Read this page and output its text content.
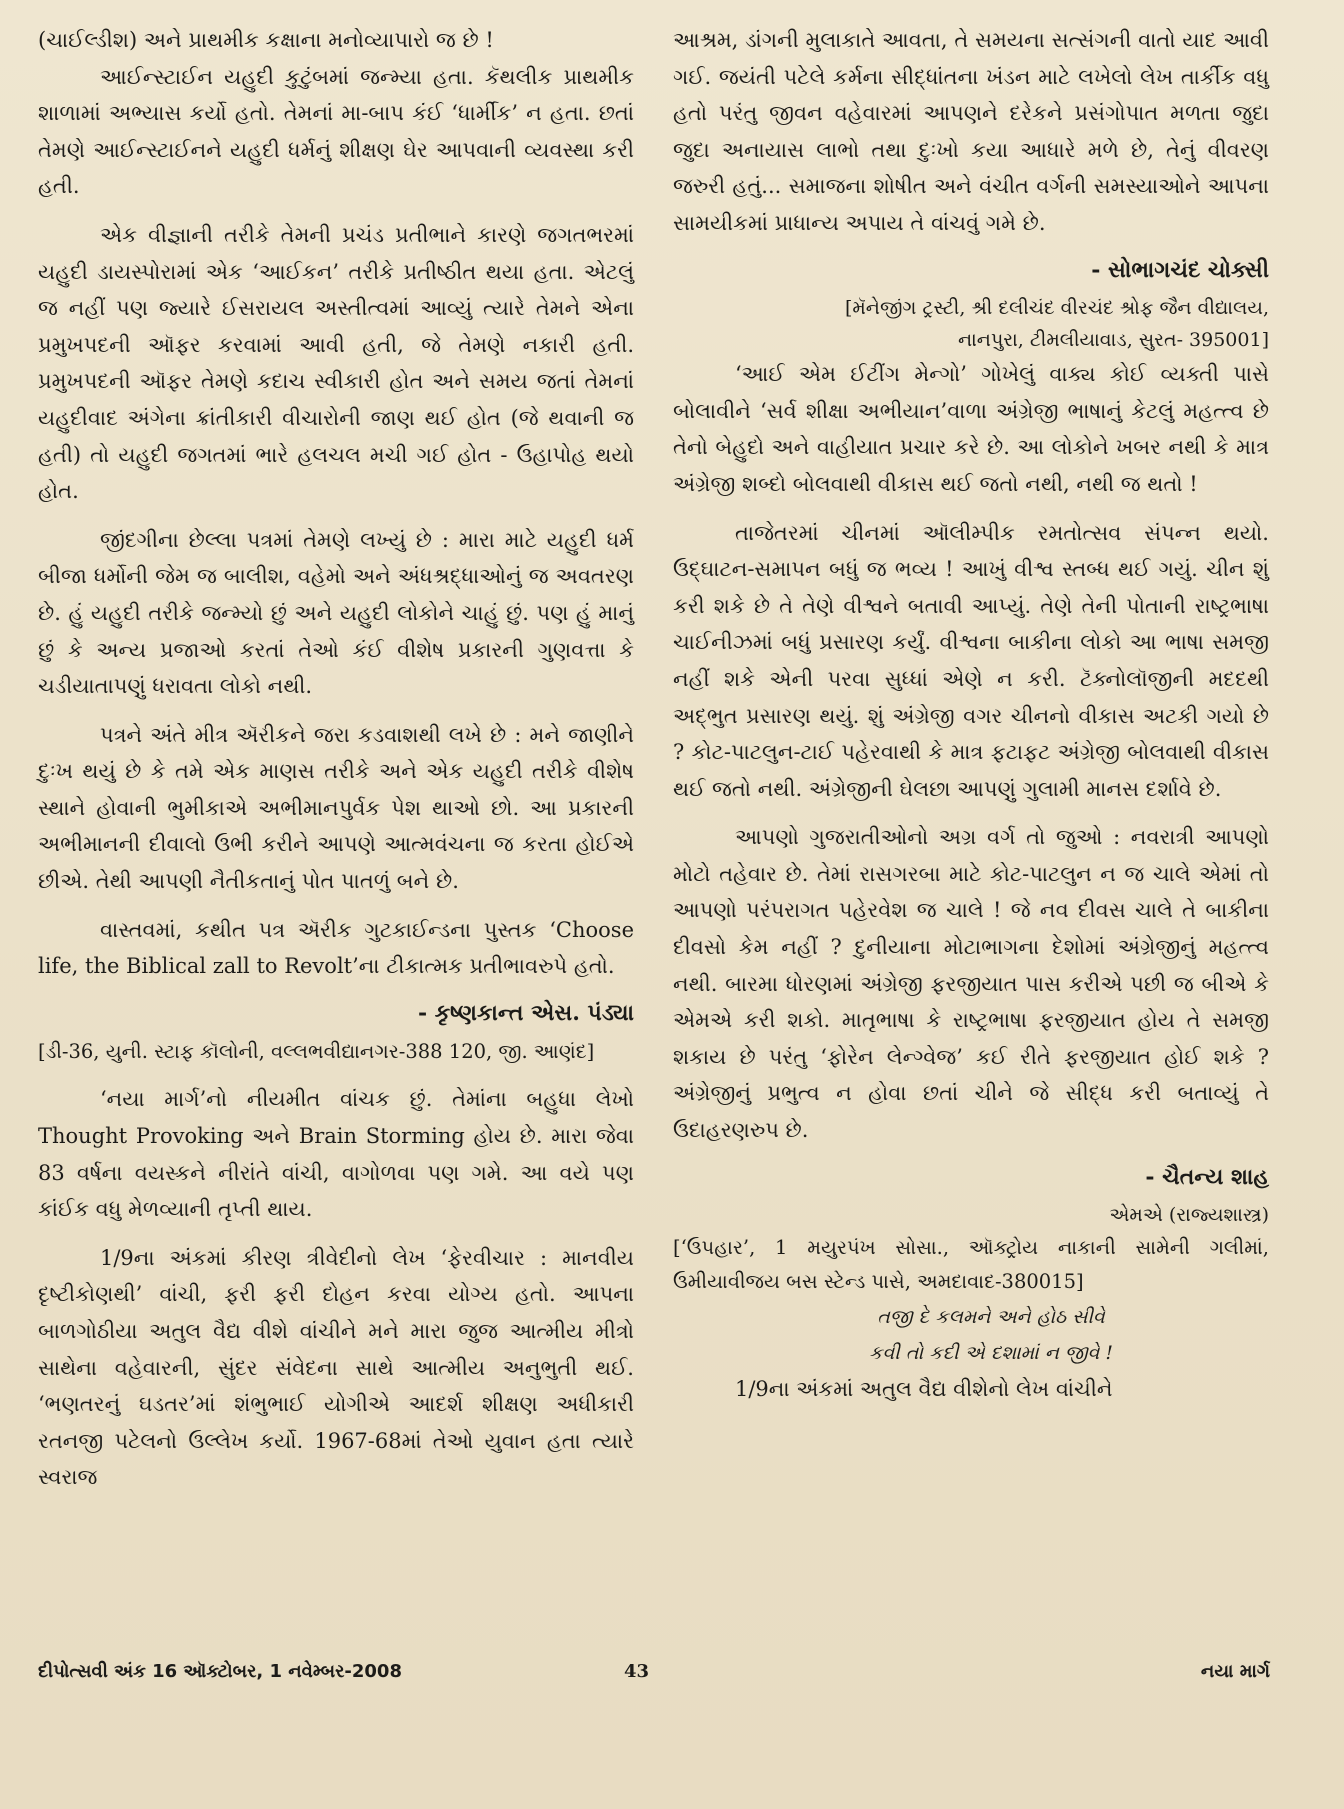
(ચાઈલ્ડીશ) અને પ્રાથમીક કક્ષાના મનોવ્યાપારો જ છે !

આઈન્સ્ટાઈન યહુદી કુટુંબમાં જન્મ્યા હતા. કૅથલીક પ્રાથમીક શાળામાં અભ્યાસ કર્યો હતો. તેમનાં મા-બાપ કંઈ ‘ધાર્મીક’ ન હતા. છતાં તેમણે આઈન્સ્ટાઈનને યહુદી ધર્મનું શીક્ષણ ઘેર આપવાની વ્યવસ્થા કરી હતી.

એક વીજ્ઞાની તરીકે તેમની પ્રચંડ પ્રતીભાને કારણે જગતભરમાં યહુદી ડાયસ્પોરામાં એક ‘આઈકન’ તરીકે પ્રતીષ્ઠીત થયા હતા. એટલું જ નહીં પણ જ્યારે ઈસરાયલ અસ્તીત્વમાં આવ્યું ત્યારે તેમને એના પ્રમુખપદની ઑફર કરવામાં આવી હતી, જે તેમણે નકારી હતી. પ્રમુખપદની ઑફર તેમણે કદાચ સ્વીકારી હોત અને સમય જતાં તેમનાં યહુદીવાદ અંગેના ક્રાંતીકારી વીચારોની જાણ થઈ હોત (જે થવાની જ હતી) તો યહુદી જગતમાં ભારે હલચલ મચી ગઈ હોત - ઉહાપોહ થયો હોત.

જીંદગીના છેલ્લા પત્રમાં તેમણે લખ્યું છે : મારા માટે યહુદી ધર્મ બીજા ધર્મોની જેમ જ બાલીશ, વહેમો અને અંધશ્રદ્ધાઓનું જ અવતરણ છે. હું યહુદી તરીકે જન્મ્યો છું અને યહુદી લોકોને ચાહું છું. પણ હું માનું છું કે અન્ય પ્રજાઓ કરતાં તેઓ કંઈ વીશેષ પ્રકારની ગુણવત્તા કે ચડીયાતાપણું ધરાવતા લોકો નથી.

પત્રને અંતે મીત્ર ઍરીકને જરા કડવાશથી લખે છે : મને જાણીને દુઃખ થયું છે કે તમે એક માણસ તરીકે અને એક યહુદી તરીકે વીશેષ સ્થાને હોવાની ભુમીકાએ અભીમાનપુર્વક પેશ થાઓ છો. આ પ્રકારની અભીમાનની દીવાલો ઉભી કરીને આપણે આત્મવંચના જ કરતા હોઈએ છીએ. તેથી આપણી નૈતીકતાનું પોત પાતળું બને છે.

વાસ્તવમાં, કથીત પત્ર ઍરીક ગુટકાઈન્ડના પુસ્તક ‘Choose life, the Biblical zall to Revolt’ના ટીકાત્મક પ્રતીભાવરુપે હતો.

- કૃષ્ણકાન્ત એસ. પંડ્યા
[ડી-36, યુની. સ્ટાફ કૉલોની, વલ્લભવીદ્યાનગર-388 120, જી. આણંદ]

‘નયા માર્ગ’નો નીયમીત વાંચક છું. તેમાંના બહુધા લેખો Thought Provoking અને Brain Storming હોય છે. મારા જેવા 83 વર્ષના વયસ્કને નીરાંતે વાંચી, વાગોળવા પણ ગમે. આ વયે પણ કાંઈક વધુ મેળવ્યાની તૃપ્તી થાય.

1/9ના અંકમાં કીરણ ત્રીવેદીનો લેખ ‘ફેરવીચાર : માનવીય દૃષ્ટીકોણથી’ વાંચી, ફરી ફરી દોહન કરવા યોગ્ય હતો. આપના બાળગોઠીયા અતુલ વૈદ્ય વીશે વાંચીને મને મારા જુજ આત્મીય મીત્રો સાથેના વહેવારની, સુંદર સંવેદના સાથે આત્મીય અનુભુતી થઈ. ‘ભણતરનું ઘડતર’માં શંભુભાઈ યોગીએ આદર્શ શીક્ષણ અધીકારી રતનજી પટેલનો ઉલ્લેખ કર્યો. 1967-68માં તેઓ યુવાન હતા ત્યારે સ્વરાજ

આશ્રમ, ડાંગની મુલાકાતે આવતા, તે સમયના સત્સંગની વાતો યાદ આવી ગઈ. જયંતી પટેલે કર્મના સીદ્ધાંતના ખંડન માટે લખેલો લેખ તાર્કીક વધુ હતો પરંતુ જીવન વહેવારમાં આપણને દરેકને પ્રસંગોપાત મળતા જુદા જુદા અનાયાસ લાભો તથા દુઃખો કયા આધારે મળે છે, તેનું વીવરણ જરુરી હતું... સમાજના શોષીત અને વંચીત વર્ગની સમસ્યાઓને આપના સામયીકમાં પ્રાધાન્ય અપાય તે વાંચવું ગમે છે.

- સોભાગચંદ ચોક્સી
[મૅનેજીંગ ટ્રસ્ટી, શ્રી દલીચંદ વીરચંદ શ્રોફ જૈન વીદ્યાલય,
નાનપુરા, ટીમલીયાવાડ, સુરત- 395001]

‘આઈ એમ ઈટીંગ મેન્ગો’ ગોખેલું વાક્ય કોઈ વ્યક્તી પાસે બોલાવીને ‘સર્વ શીક્ષા અભીયાન’વાળા અંગ્રેજી ભાષાનું કેટલું મહત્ત્વ છે તેનો બેહુદો અને વાહીયાત પ્રચાર કરે છે. આ લોકોને ખબર નથી કે માત્ર અંગ્રેજી શબ્દો બોલવાથી વીકાસ થઈ જતો નથી, નથી જ થતો !

તાજેતરમાં ચીનમાં ઑલીમ્પીક રમતોત્સવ સંપન્ન થયો. ઉદ્‌ઘાટન-સમાપન બધું જ ભવ્ય ! આખું વીશ્વ સ્તબ્ધ થઈ ગયું. ચીન શું કરી શકે છે તે તેણે વીશ્વને બતાવી આપ્યું. તેણે તેની પોતાની રાષ્ટ્રભાષા ચાઈનીઝમાં બધું પ્રસારણ કર્યું. વીશ્વના બાકીના લોકો આ ભાષા સમજી નહીં શકે એની પરવા સુધ્ધાં એણે ન કરી. ટૅક્નોલૉજીની મદદથી અદ્‌ભુત પ્રસારણ થયું. શું અંગ્રેજી વગર ચીનનો વીકાસ અટકી ગયો છે ? કોટ-પાટલુન-ટાઈ પહેરવાથી કે માત્ર ફટાફટ અંગ્રેજી બોલવાથી વીકાસ થઈ જતો નથી. અંગ્રેજીની ઘેલછા આપણું ગુલામી માનસ દર્શાવે છે.

આપણો ગુજરાતીઓનો અગ્ર વર્ગ તો જુઓ : નવરાત્રી આપણો મોટો તહેવાર છે. તેમાં રાસગરબા માટે કોટ-પાટલુન ન જ ચાલે એમાં તો આપણો પરંપરાગત પહેરવેશ જ ચાલે ! જે નવ દીવસ ચાલે તે બાકીના દીવસો કેમ નહીં ? દુનીયાના મોટાભાગના દેશોમાં અંગ્રેજીનું મહત્ત્વ નથી. બારમા ધોરણમાં અંગ્રેજી ફરજીયાત પાસ કરીએ પછી જ બીએ કે એમએ કરી શકો. માતૃભાષા કે રાષ્ટ્રભાષા ફરજીયાત હોય તે સમજી શકાય છે પરંતુ ‘ફોરેન લેન્ગ્વેજ’ કઈ રીતે ફરજીયાત હોઈ શકે ? અંગ્રેજીનું પ્રભુત્વ ન હોવા છતાં ચીને જે સીદ્ધ કરી બતાવ્યું તે ઉદાહરણરુપ છે.

- ચૈતન્ય શાહ
એમએ (રાજ્યશાસ્ત્ર)
[‘ઉપહાર’, 1 મયુરપંખ સોસા., ઑક્ટ્રોય નાકાની સામેની ગલીમાં, ઉમીયાવીજય બસ સ્ટેન્ડ પાસે, અમદાવાદ-380015]
તજી દે કલમને અને હોઠ સીવે
કવી તો કદી એ દશામાં ન જીવે !

1/9ના અંકમાં અતુલ વૈદ્ય વીશેનો લેખ વાંચીને

દીપોત્સવી અંક 16 ઑક્ટોબર, 1 નવેમ્બર-2008	43	નયા માર્ગ
